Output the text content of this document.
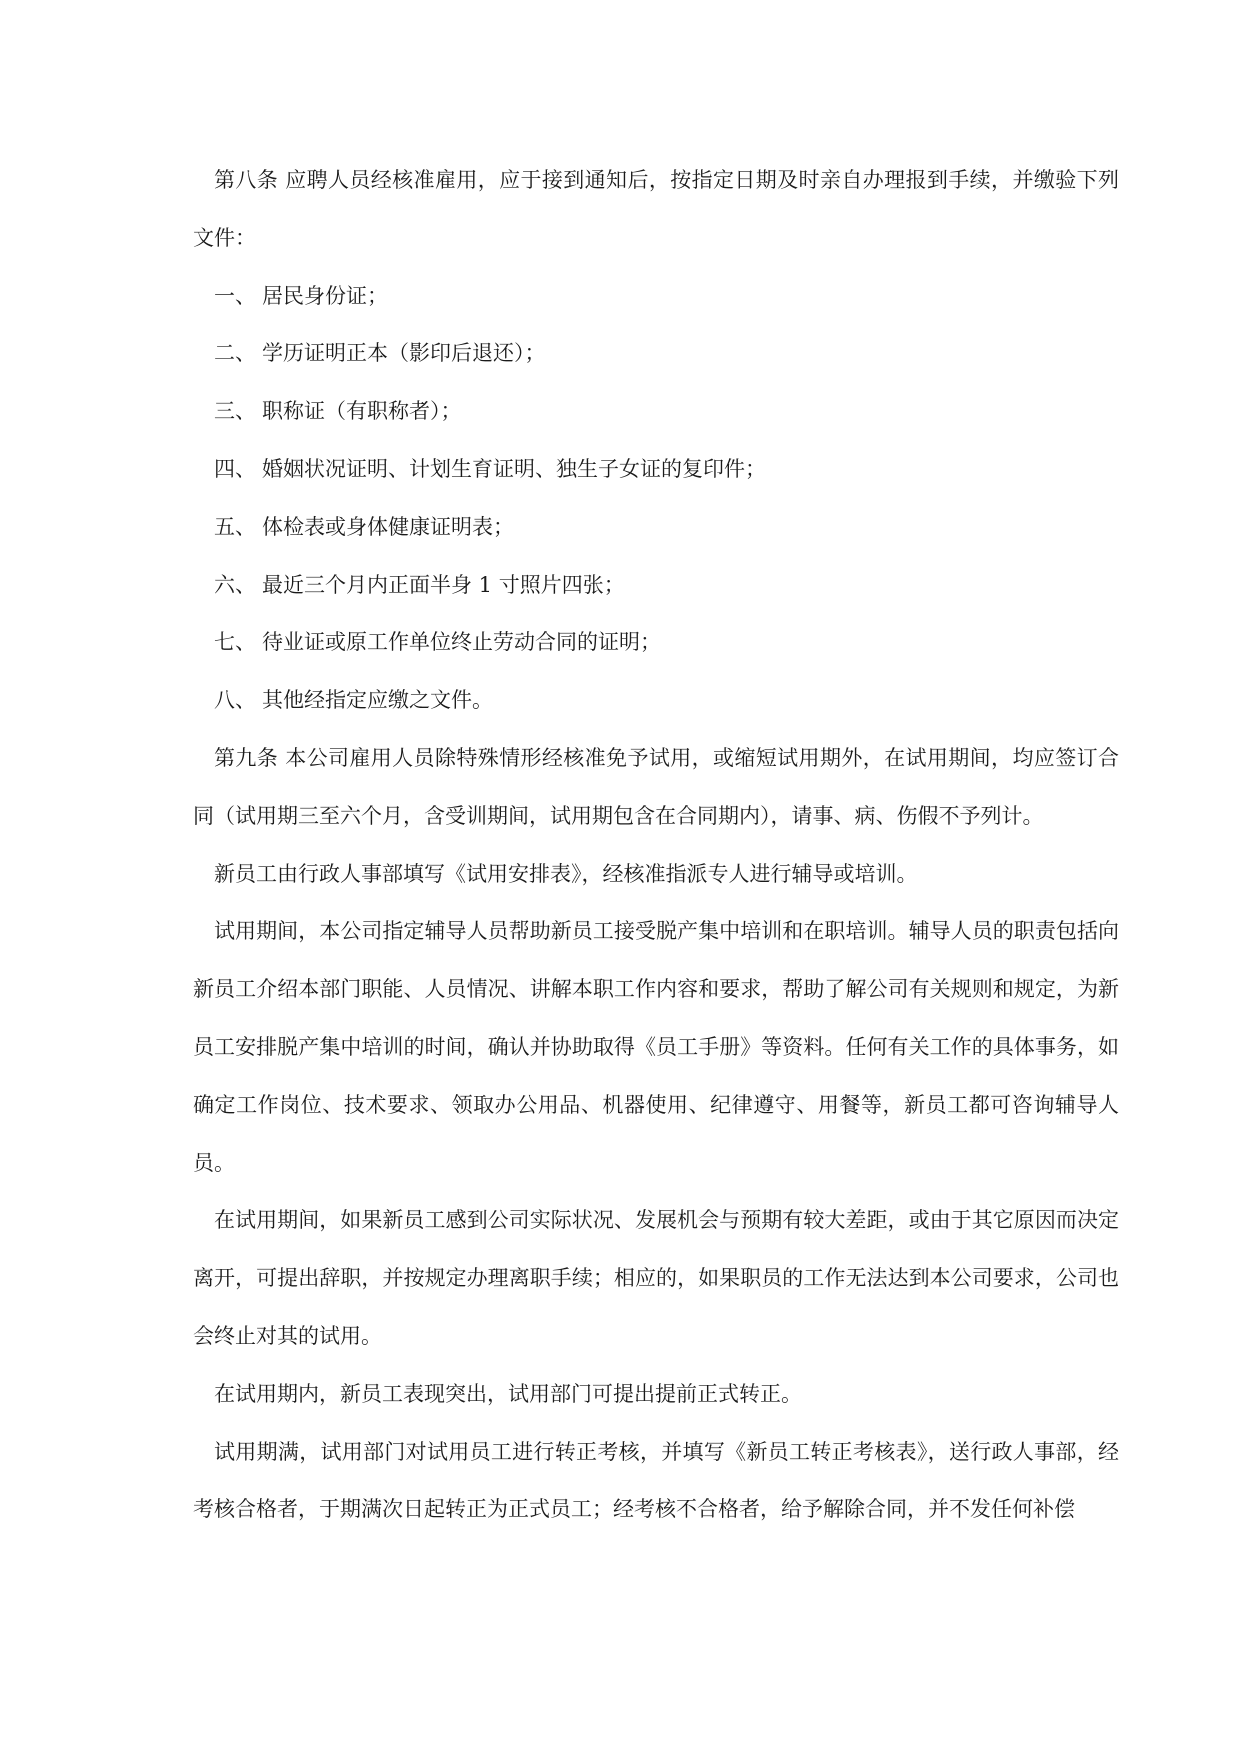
第八条 应聘人员经核准雇用，应于接到通知后，按指定日期及时亲自办理报到手续，并缴验下列文件：

一、 居民身份证；

二、 学历证明正本（影印后退还）；

三、 职称证（有职称者）；

四、 婚姻状况证明、计划生育证明、独生子女证的复印件；

五、 体检表或身体健康证明表；

六、 最近三个月内正面半身 1 寸照片四张；

七、 待业证或原工作单位终止劳动合同的证明；

八、 其他经指定应缴之文件。

第九条 本公司雇用人员除特殊情形经核准免予试用，或缩短试用期外，在试用期间，均应签订合同（试用期三至六个月，含受训期间，试用期包含在合同期内），请事、病、伤假不予列计。

新员工由行政人事部填写《试用安排表》，经核准指派专人进行辅导或培训。

试用期间，本公司指定辅导人员帮助新员工接受脱产集中培训和在职培训。辅导人员的职责包括向新员工介绍本部门职能、人员情况、讲解本职工作内容和要求，帮助了解公司有关规则和规定，为新员工安排脱产集中培训的时间，确认并协助取得《员工手册》等资料。任何有关工作的具体事务，如确定工作岗位、技术要求、领取办公用品、机器使用、纪律遵守、用餐等，新员工都可咨询辅导人员。

在试用期间，如果新员工感到公司实际状况、发展机会与预期有较大差距，或由于其它原因而决定离开，可提出辞职，并按规定办理离职手续；相应的，如果职员的工作无法达到本公司要求，公司也会终止对其的试用。

在试用期内，新员工表现突出，试用部门可提出提前正式转正。

试用期满，试用部门对试用员工进行转正考核，并填写《新员工转正考核表》，送行政人事部，经考核合格者，于期满次日起转正为正式员工；经考核不合格者，给予解除合同，并不发任何补偿
